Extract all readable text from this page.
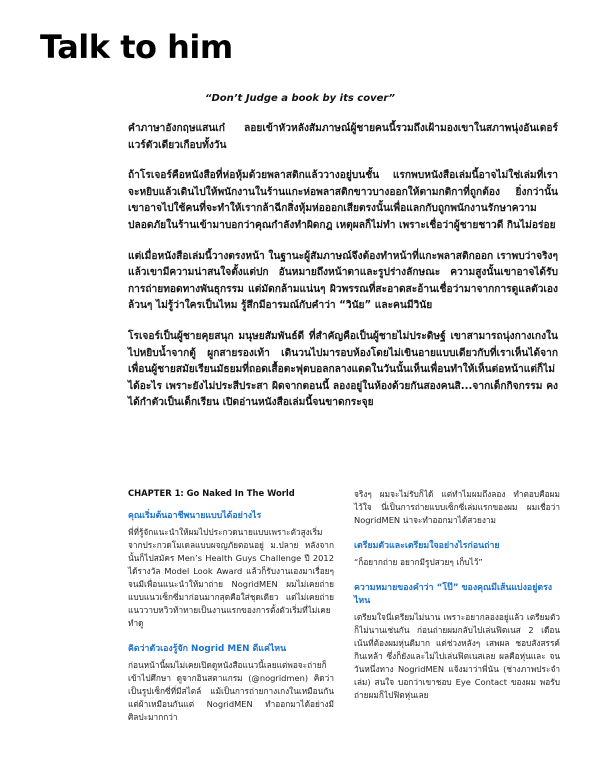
Talk to him
“Don’t Judge a book by its cover”

คำภาษาอังกฤษแสนเก๋ ลอยเข้าหัวหลังสัมภาษณ์ผู้ชายคนนี้รวมถึงเฝ้ามองเขาในสภาพนุ่งอันเดอร์แวร์ตัวเดียวเกือบทั้งวัน

ถ้าโรเจอร์คือหนังสือที่ห่อหุ้มด้วยพลาสติกแล้ววางอยู่บนชั้น แรกพบหนังสือเล่มนี้อาจไม่ใช่เล่มที่เราจะหยิบแล้วเดินไปให้พนักงานในร้านแกะห่อพลาสติกขาวบางออกให้ตามกติกาที่ถูกต้อง ยิ่งกว่านั้น เขาอาจไปใช้คนที่จะทำให้เรากล้าฉีกสิ่งหุ้มห่อออกเสียตรงนั้นเพื่อแลกกับถูกพนักงานรักษาความปลอดภัยในร้านเข้ามาบอกว่าคุณกำลังทำผิดกฎ เหตุผลก็ไม่ทำ เพราะเชื่อว่าผู้ชายชาวดี กินไม่อร่อย

แต่เมื่อหนังสือเล่มนี้วางตรงหน้า ในฐานะผู้สัมภาษณ์จึงต้องทำหน้าที่แกะพลาสติกออก เราพบว่าจริงๆ แล้วเขามีความน่าสนใจตั้งแต่ปก อันหมายถึงหน้าตาและรูปร่างลักษณะ ความสูงนั้นเขาอาจได้รับการถ่ายทอดทางพันธุกรรม แต่มัดกล้ามแน่นๆ ผิวพรรณที่สะอาดสะอ้านเชื่อว่ามาจากการดูแลตัวเองล้วนๆ ไม่รู้ว่าใครเป็นไหม รู้สึกมีอารมณ์กับคำว่า “วินัย” และคนมีวินัย

โรเจอร์เป็นผู้ชายคุยสนุก มนุษยสัมพันธ์ดี ที่สำคัญคือเป็นผู้ชายไม่ประดิษฐ์ เขาสามารถนุ่งกางเกงในไปหยิบน้ำจากตู้ ผูกสายรองเท้า เดินวนไปมารอบห้องโดยไม่เขินอายแบบเดียวกับที่เราเห็นได้จากเพื่อนผู้ชายสมัยเรียนมัธยมที่ถอดเสื้อตะฟุตบอลกลางแดดในวันนั้นเห็นเพื่อนทำให้เห็นต่อหน้าแต่ก็ไม่ได้อะไร เพราะยังไม่ประสีประสา ผิดจากตอนนี้ ลองอยู่ในห้องด้วยกันสองคนสิ...จากเด็กกิจกรรม คงได้กำตัวเป็นเด็กเรียน เปิดอ่านหนังสือเล่มนี้จนขาดกระจุย

CHAPTER 1: Go Naked In The World
คุณเริ่มต้นอาชีพนายแบบได้อย่างไร
พี่ที่รู้จักแนะนำให้ผมไปประกวดนายแบบเพราะตัวสูงเริ่มจากประกวดโมเดลแบบผจญภัยตอนอยู่ ม.ปลาย หลังจากนั้นก็ไปสมัคร Men’s Health Guys Challenge ปี 2012 ได้รางวัล Model Look Award แล้วก็รับงานเองมาเรื่อยๆ จนมีเพื่อนแนะนำให้มาถ่าย NogridMEN ผมไม่เคยถ่ายแบบแนวเซ็กซี่มาก่อนมากสุดคือใส่ชุดเดียว แต่ไม่เคยถ่ายแนววาบหวิวท้าทายเป็นงานแรกของการตั้งตัวเริ่มที่ไม่เคยทำดู
คิดว่าตัวเองรู้จัก Nogrid MEN ดีแค่ไหน
ก่อนหน้านี้ผมไม่เคยเปิดดูหนังสือแนวนี้เลยแต่พอจะถ่ายก็เข้าไปศึกษา ดูจากอินสตาแกรม (@nogridmen) คิดว่าเป็นรูปเซ็กซี่ที่มีสไตล์ แม้เป็นการถ่ายกางเกงในเหมือนกัน แต่ผ้าเหมือนกันแต่ NogridMEN ทำออกมาได้อย่างมีศิลปะมากกว่า
จริงๆ ผมจะไม่รับก็ได้ แต่ทำไมผมถึงลอง ทำตอบคือผมไว้ใจ นี่เป็นการถ่ายแบบเซ็กซี่เล่มแรกของผม ผมเชื่อว่า NogridMEN น่าจะทำออกมาได้สวยงาม
เตรียมตัวและเตรียมใจอย่างไรก่อนถ่าย
“ก็อยากถ่าย อยากมีรูปสวยๆ เก็บไว้”
ความหมายของคำว่า “โป๊” ของคุณมีเส้นแบ่งอยู่ตรงไหน
เตรียมใจนี่เตรียมไม่นาน เพราะอยากลองอยู่แล้ว เตรียมตัวก็ไม่นานเช่นกัน ก่อนถ่ายผมกลับไปเล่นฟิตเนส 2 เดือน เน้นที่ต้องผมหุ่นดีมาก แต่ช่วงหลังๆ เสพผล ชอบสังสรรค์ กินเหล้า ซึ่งก็ยังและไม่ไปเล่นฟิตเนสเลย ผลคือหุ่นและ จนวันหนึ่งทาง NogridMEN แจ้งมาว่าพี่นัน (ช่างภาพประจำเล่ม) สนใจ บอกว่าเขาชอบ Eye Contact ของผม พอรับถ่ายผมก็ไปฟิตหุ่นเลย
